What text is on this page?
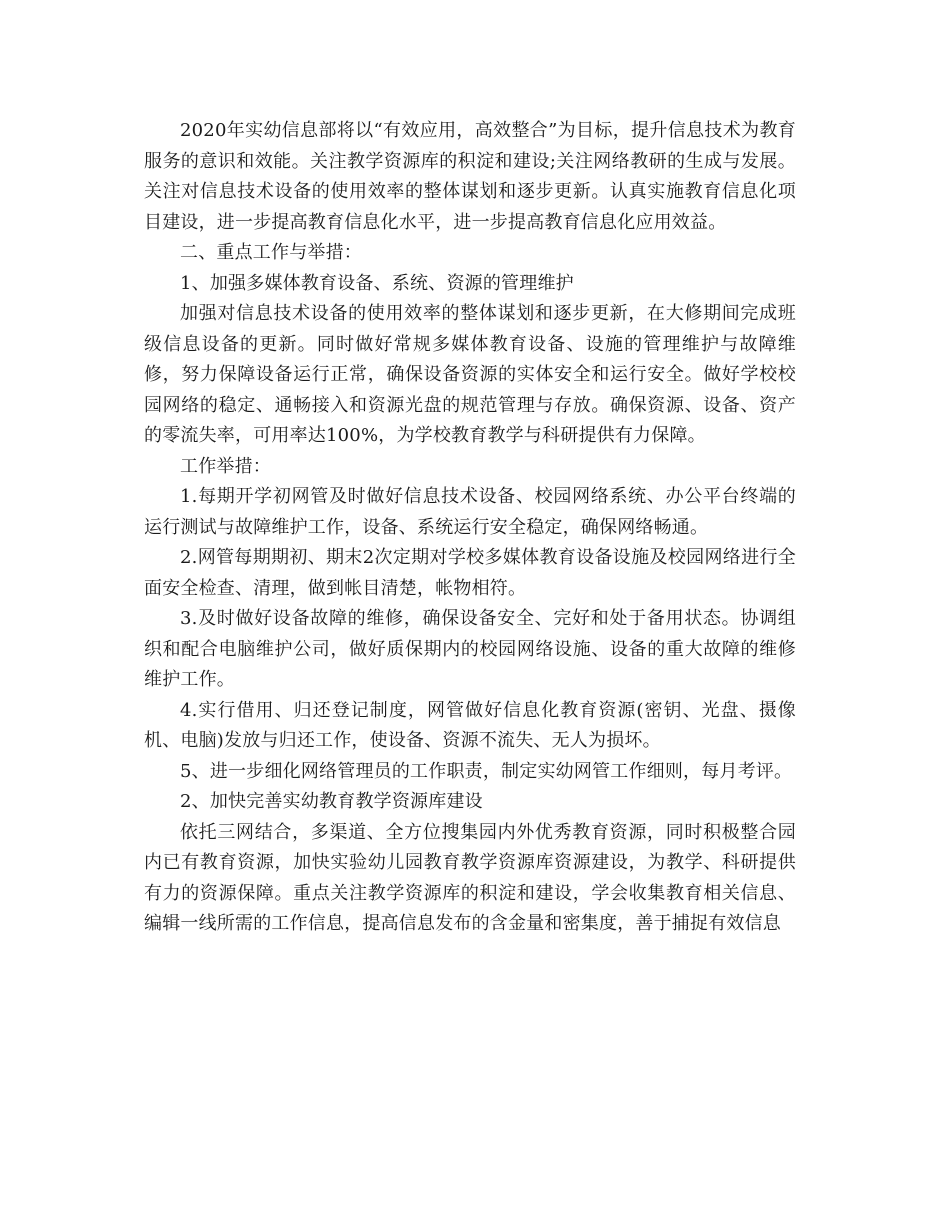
2020年实幼信息部将以“有效应用，高效整合”为目标，提升信息技术为教育服务的意识和效能。关注教学资源库的积淀和建设;关注网络教研的生成与发展。关注对信息技术设备的使用效率的整体谋划和逐步更新。认真实施教育信息化项目建设，进一步提高教育信息化水平，进一步提高教育信息化应用效益。

二、重点工作与举措：

1、加强多媒体教育设备、系统、资源的管理维护

加强对信息技术设备的使用效率的整体谋划和逐步更新，在大修期间完成班级信息设备的更新。同时做好常规多媒体教育设备、设施的管理维护与故障维修，努力保障设备运行正常，确保设备资源的实体安全和运行安全。做好学校校园网络的稳定、通畅接入和资源光盘的规范管理与存放。确保资源、设备、资产的零流失率，可用率达100%，为学校教育教学与科研提供有力保障。

工作举措：

1.每期开学初网管及时做好信息技术设备、校园网络系统、办公平台终端的运行测试与故障维护工作，设备、系统运行安全稳定，确保网络畅通。

2.网管每期期初、期末2次定期对学校多媒体教育设备设施及校园网络进行全面安全检查、清理，做到帐目清楚，帐物相符。

3.及时做好设备故障的维修，确保设备安全、完好和处于备用状态。协调组织和配合电脑维护公司，做好质保期内的校园网络设施、设备的重大故障的维修维护工作。

4.实行借用、归还登记制度，网管做好信息化教育资源(密钥、光盘、摄像机、电脑)发放与归还工作，使设备、资源不流失、无人为损坏。

5、进一步细化网络管理员的工作职责，制定实幼网管工作细则，每月考评。

2、加快完善实幼教育教学资源库建设

依托三网结合，多渠道、全方位搜集园内外优秀教育资源，同时积极整合园内已有教育资源，加快实验幼儿园教育教学资源库资源建设，为教学、科研提供有力的资源保障。重点关注教学资源库的积淀和建设，学会收集教育相关信息、编辑一线所需的工作信息，提高信息发布的含金量和密集度，善于捕捉有效信息
